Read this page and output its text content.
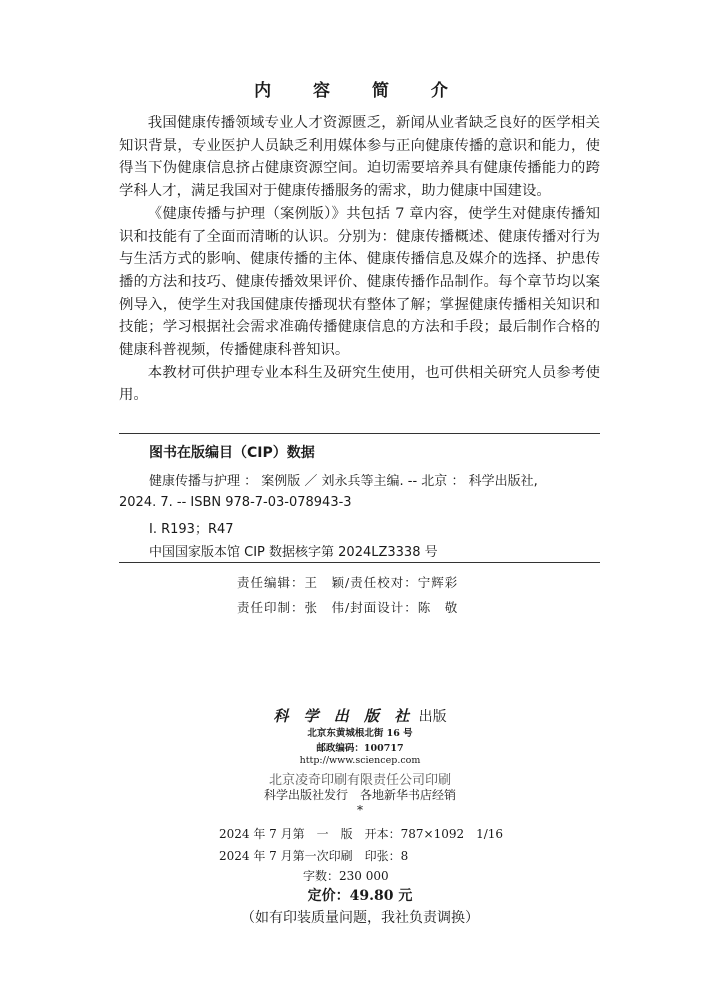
内 容 简 介

我国健康传播领域专业人才资源匮乏，新闻从业者缺乏良好的医学相关知识背景，专业医护人员缺乏利用媒体参与正向健康传播的意识和能力，使得当下伪健康信息挤占健康资源空间。迫切需要培养具有健康传播能力的跨学科人才，满足我国对于健康传播服务的需求，助力健康中国建设。

《健康传播与护理（案例版）》共包括 7 章内容，使学生对健康传播知识和技能有了全面而清晰的认识。分别为：健康传播概述、健康传播对行为与生活方式的影响、健康传播的主体、健康传播信息及媒介的选择、护患传播的方法和技巧、健康传播效果评价、健康传播作品制作。每个章节均以案例导入，使学生对我国健康传播现状有整体了解；掌握健康传播相关知识和技能；学习根据社会需求准确传播健康信息的方法和手段；最后制作合格的健康科普视频，传播健康科普知识。

本教材可供护理专业本科生及研究生使用，也可供相关研究人员参考使用。

图书在版编目（CIP）数据
健康传播与护理 ： 案例版 ／ 刘永兵等主编. -- 北京 ： 科学出版社,
2024. 7. -- ISBN 978-7-03-078943-3
Ⅰ. R193；R47
中国国家版本馆 CIP 数据核字第 2024LZ3338 号
责任编辑：王　颖/责任校对：宁辉彩
责任印制：张　伟/封面设计：陈　敬
科 学 出 版 社 出版
北京东黄城根北街 16 号
邮政编码：100717
http://www.sciencep.com
北京凌奇印刷有限责任公司印刷
科学出版社发行　各地新华书店经销
*
2024 年 7 月第　一　版　开本：787×1092　1/16
2024 年 7 月第一次印刷　印张：8
字数：230 000
定价：49.80 元
（如有印装质量问题，我社负责调换）
